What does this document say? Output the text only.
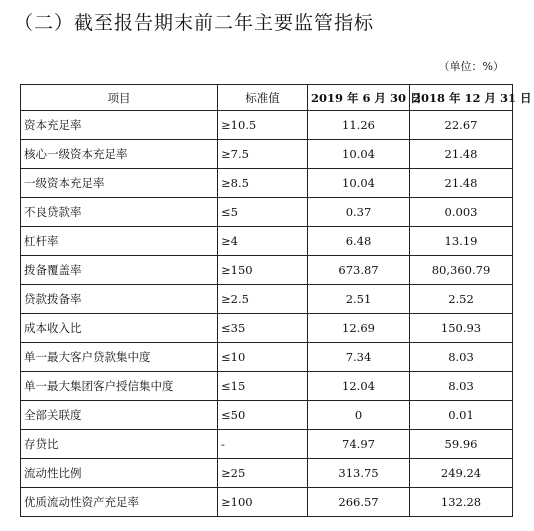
（二）截至报告期末前二年主要监管指标
（单位：%）
项目	标准值	2019 年 6 月 30 日	2018 年 12 月 31 日
资本充足率	≥10.5	11.26	22.67
核心一级资本充足率	≥7.5	10.04	21.48
一级资本充足率	≥8.5	10.04	21.48
不良贷款率	≤5	0.37	0.003
杠杆率	≥4	6.48	13.19
拨备覆盖率	≥150	673.87	80,360.79
贷款拨备率	≥2.5	2.51	2.52
成本收入比	≤35	12.69	150.93
单一最大客户贷款集中度	≤10	7.34	8.03
单一最大集团客户授信集中度	≤15	12.04	8.03
全部关联度	≤50	0	0.01
存贷比	-	74.97	59.96
流动性比例	≥25	313.75	249.24
优质流动性资产充足率	≥100	266.57	132.28
